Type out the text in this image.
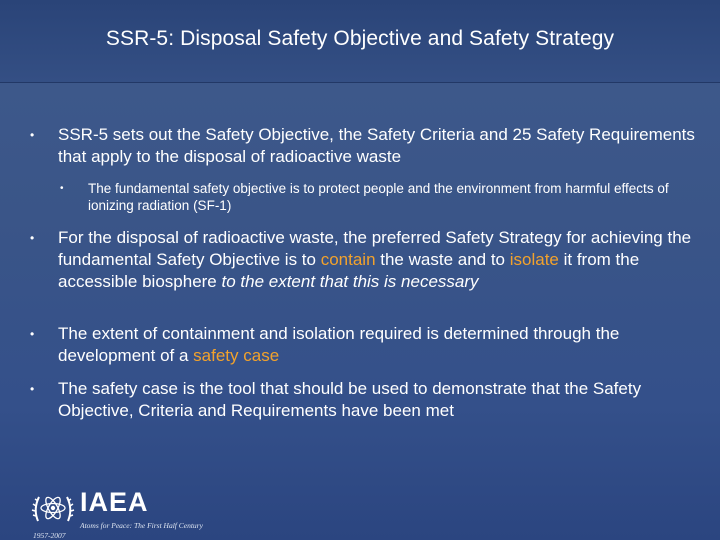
SSR-5: Disposal Safety Objective and Safety Strategy
•	SSR-5 sets out the Safety Objective, the Safety Criteria and 25 Safety Requirements that apply to the disposal of radioactive waste
•	The fundamental safety objective is to protect people and the environment from harmful effects of ionizing radiation (SF-1)
•	For the disposal of radioactive waste, the preferred Safety Strategy for achieving the fundamental Safety Objective is to contain the waste and to isolate it from the accessible biosphere to the extent that this is necessary
•	The extent of containment and isolation required is determined through the development of a safety case
•	The safety case is the tool that should be used to demonstrate that the Safety Objective, Criteria and Requirements have been met
IAEA
Atoms for Peace: The First Half Century
1957-2007
